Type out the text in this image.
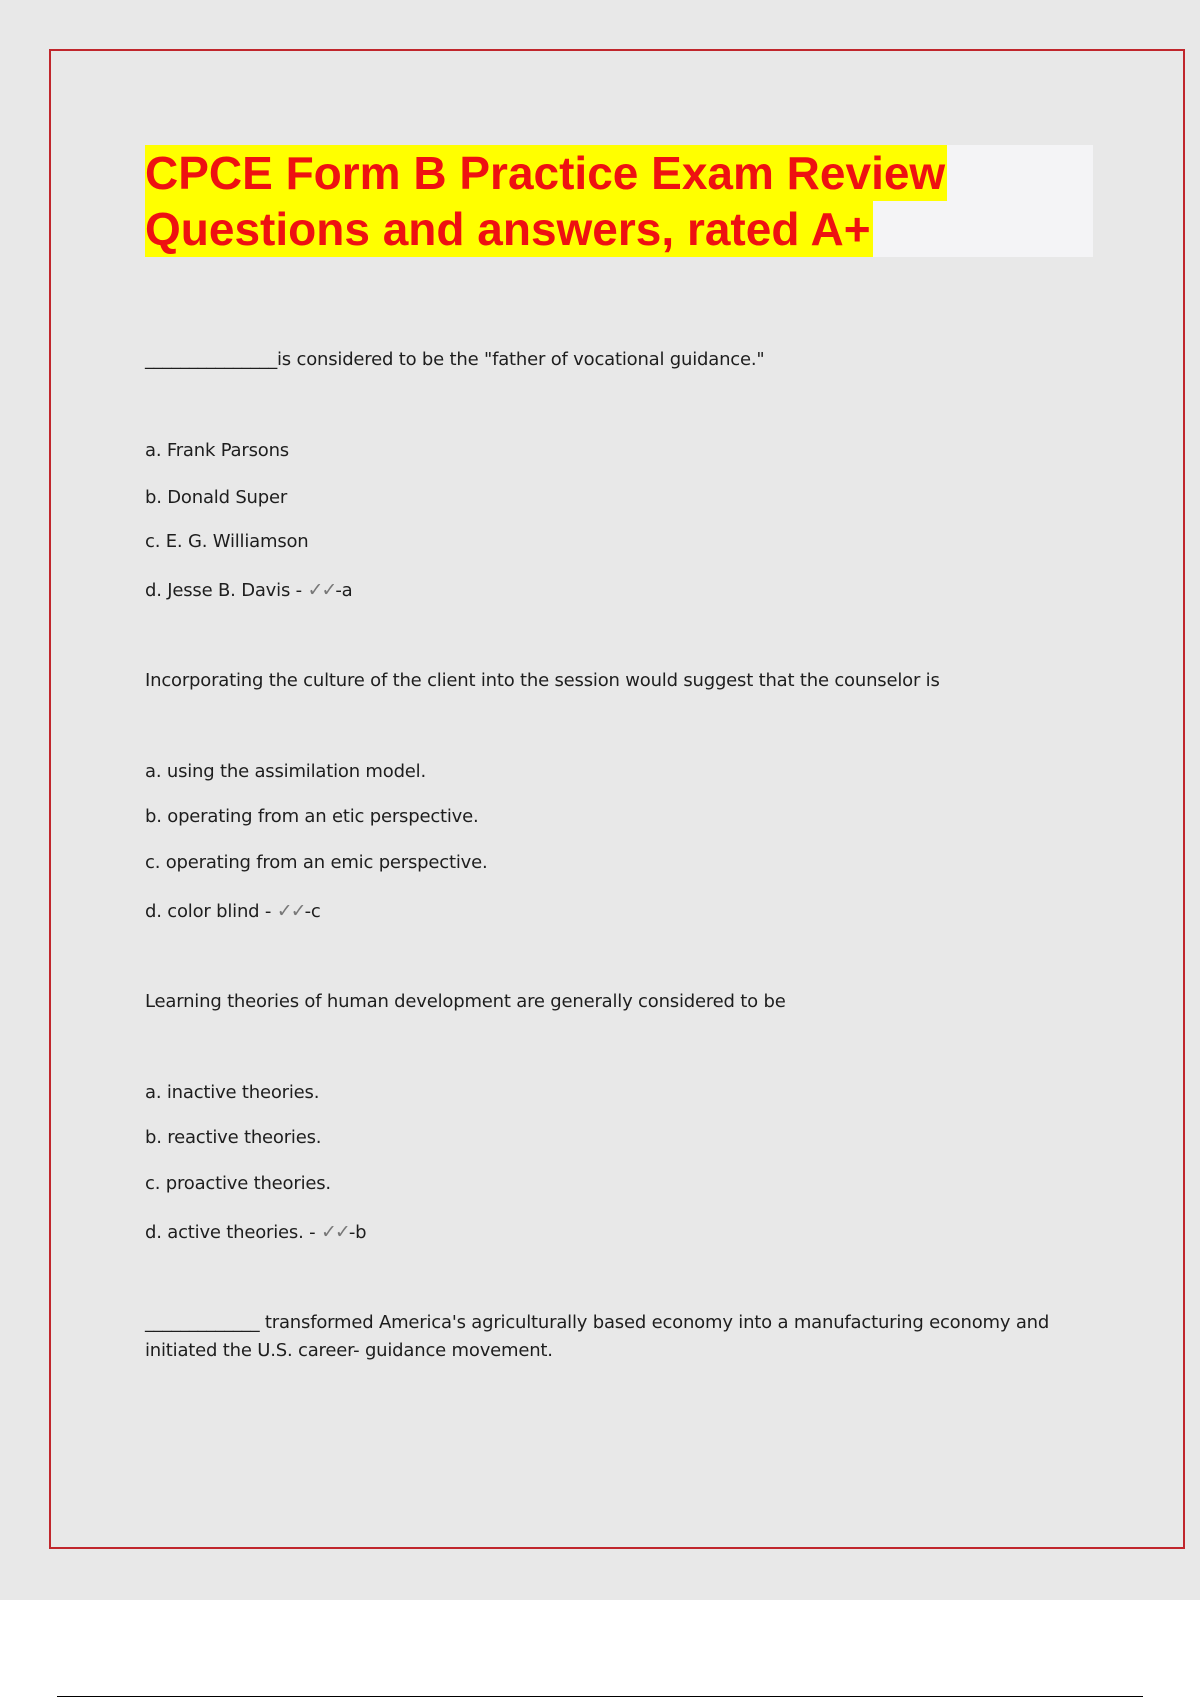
CPCE Form B Practice Exam Review
Questions and answers, rated A+
_______________is considered to be the "father of vocational guidance."
a. Frank Parsons
b. Donald Super
c. E. G. Williamson
d. Jesse B. Davis - ✓✓-a
Incorporating the culture of the client into the session would suggest that the counselor is
a. using the assimilation model.
b. operating from an etic perspective.
c. operating from an emic perspective.
d. color blind - ✓✓-c
Learning theories of human development are generally considered to be
a. inactive theories.
b. reactive theories.
c. proactive theories.
d. active theories. - ✓✓-b
_____________ transformed America's agriculturally based economy into a manufacturing economy and initiated the U.S. career- guidance movement.
